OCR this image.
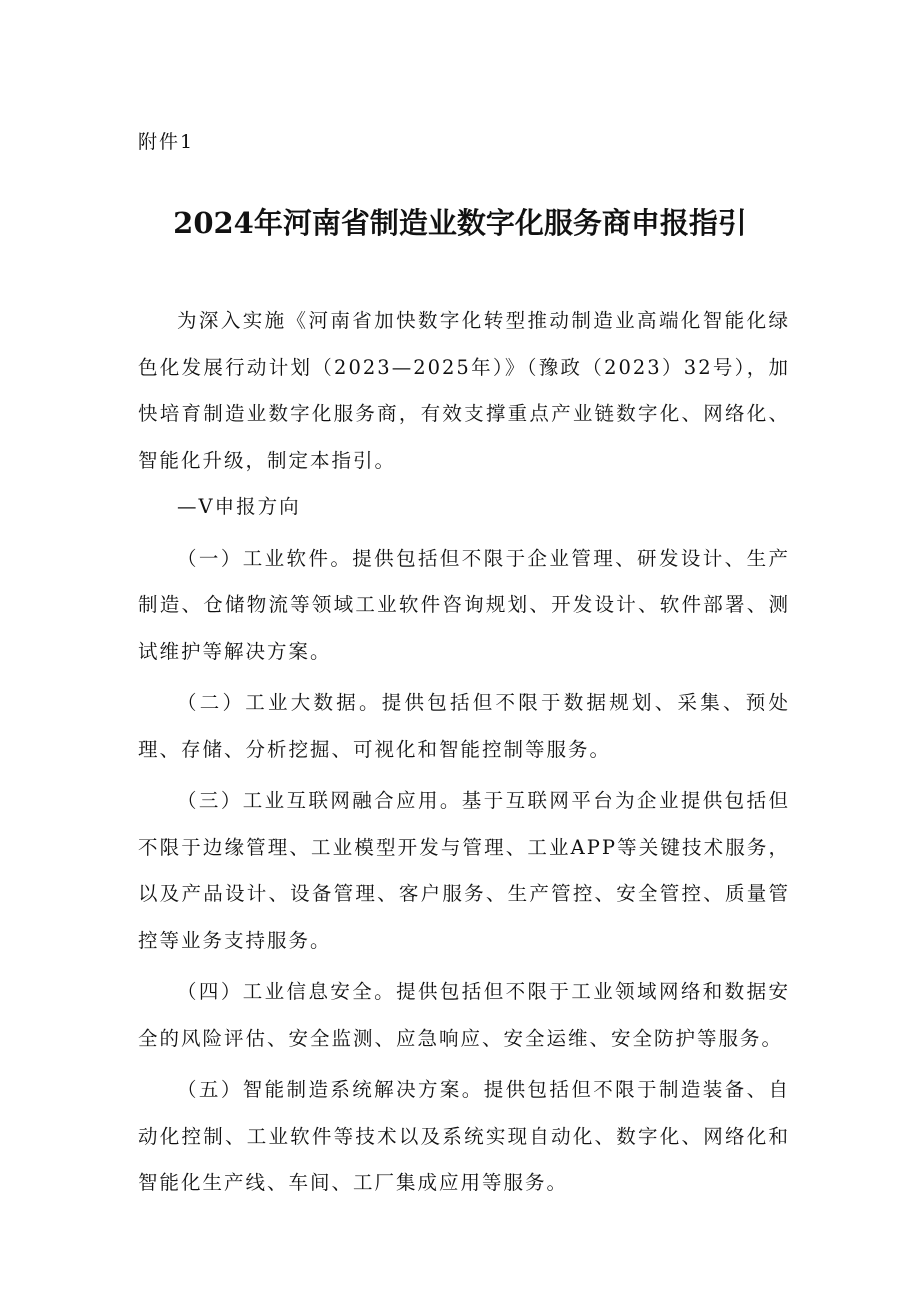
附件1
2024年河南省制造业数字化服务商申报指引

为深入实施《河南省加快数字化转型推动制造业高端化智能化绿色化发展行动计划（2023—2025年）》（豫政（2023）32号），加快培育制造业数字化服务商，有效支撑重点产业链数字化、网络化、智能化升级，制定本指引。

—V申报方向

（一）工业软件。提供包括但不限于企业管理、研发设计、生产制造、仓储物流等领域工业软件咨询规划、开发设计、软件部署、测试维护等解决方案。

（二）工业大数据。提供包括但不限于数据规划、采集、预处理、存储、分析挖掘、可视化和智能控制等服务。

（三）工业互联网融合应用。基于互联网平台为企业提供包括但不限于边缘管理、工业模型开发与管理、工业APP等关键技术服务，以及产品设计、设备管理、客户服务、生产管控、安全管控、质量管控等业务支持服务。

（四）工业信息安全。提供包括但不限于工业领域网络和数据安全的风险评估、安全监测、应急响应、安全运维、安全防护等服务。

（五）智能制造系统解决方案。提供包括但不限于制造装备、自动化控制、工业软件等技术以及系统实现自动化、数字化、网络化和智能化生产线、车间、工厂集成应用等服务。
